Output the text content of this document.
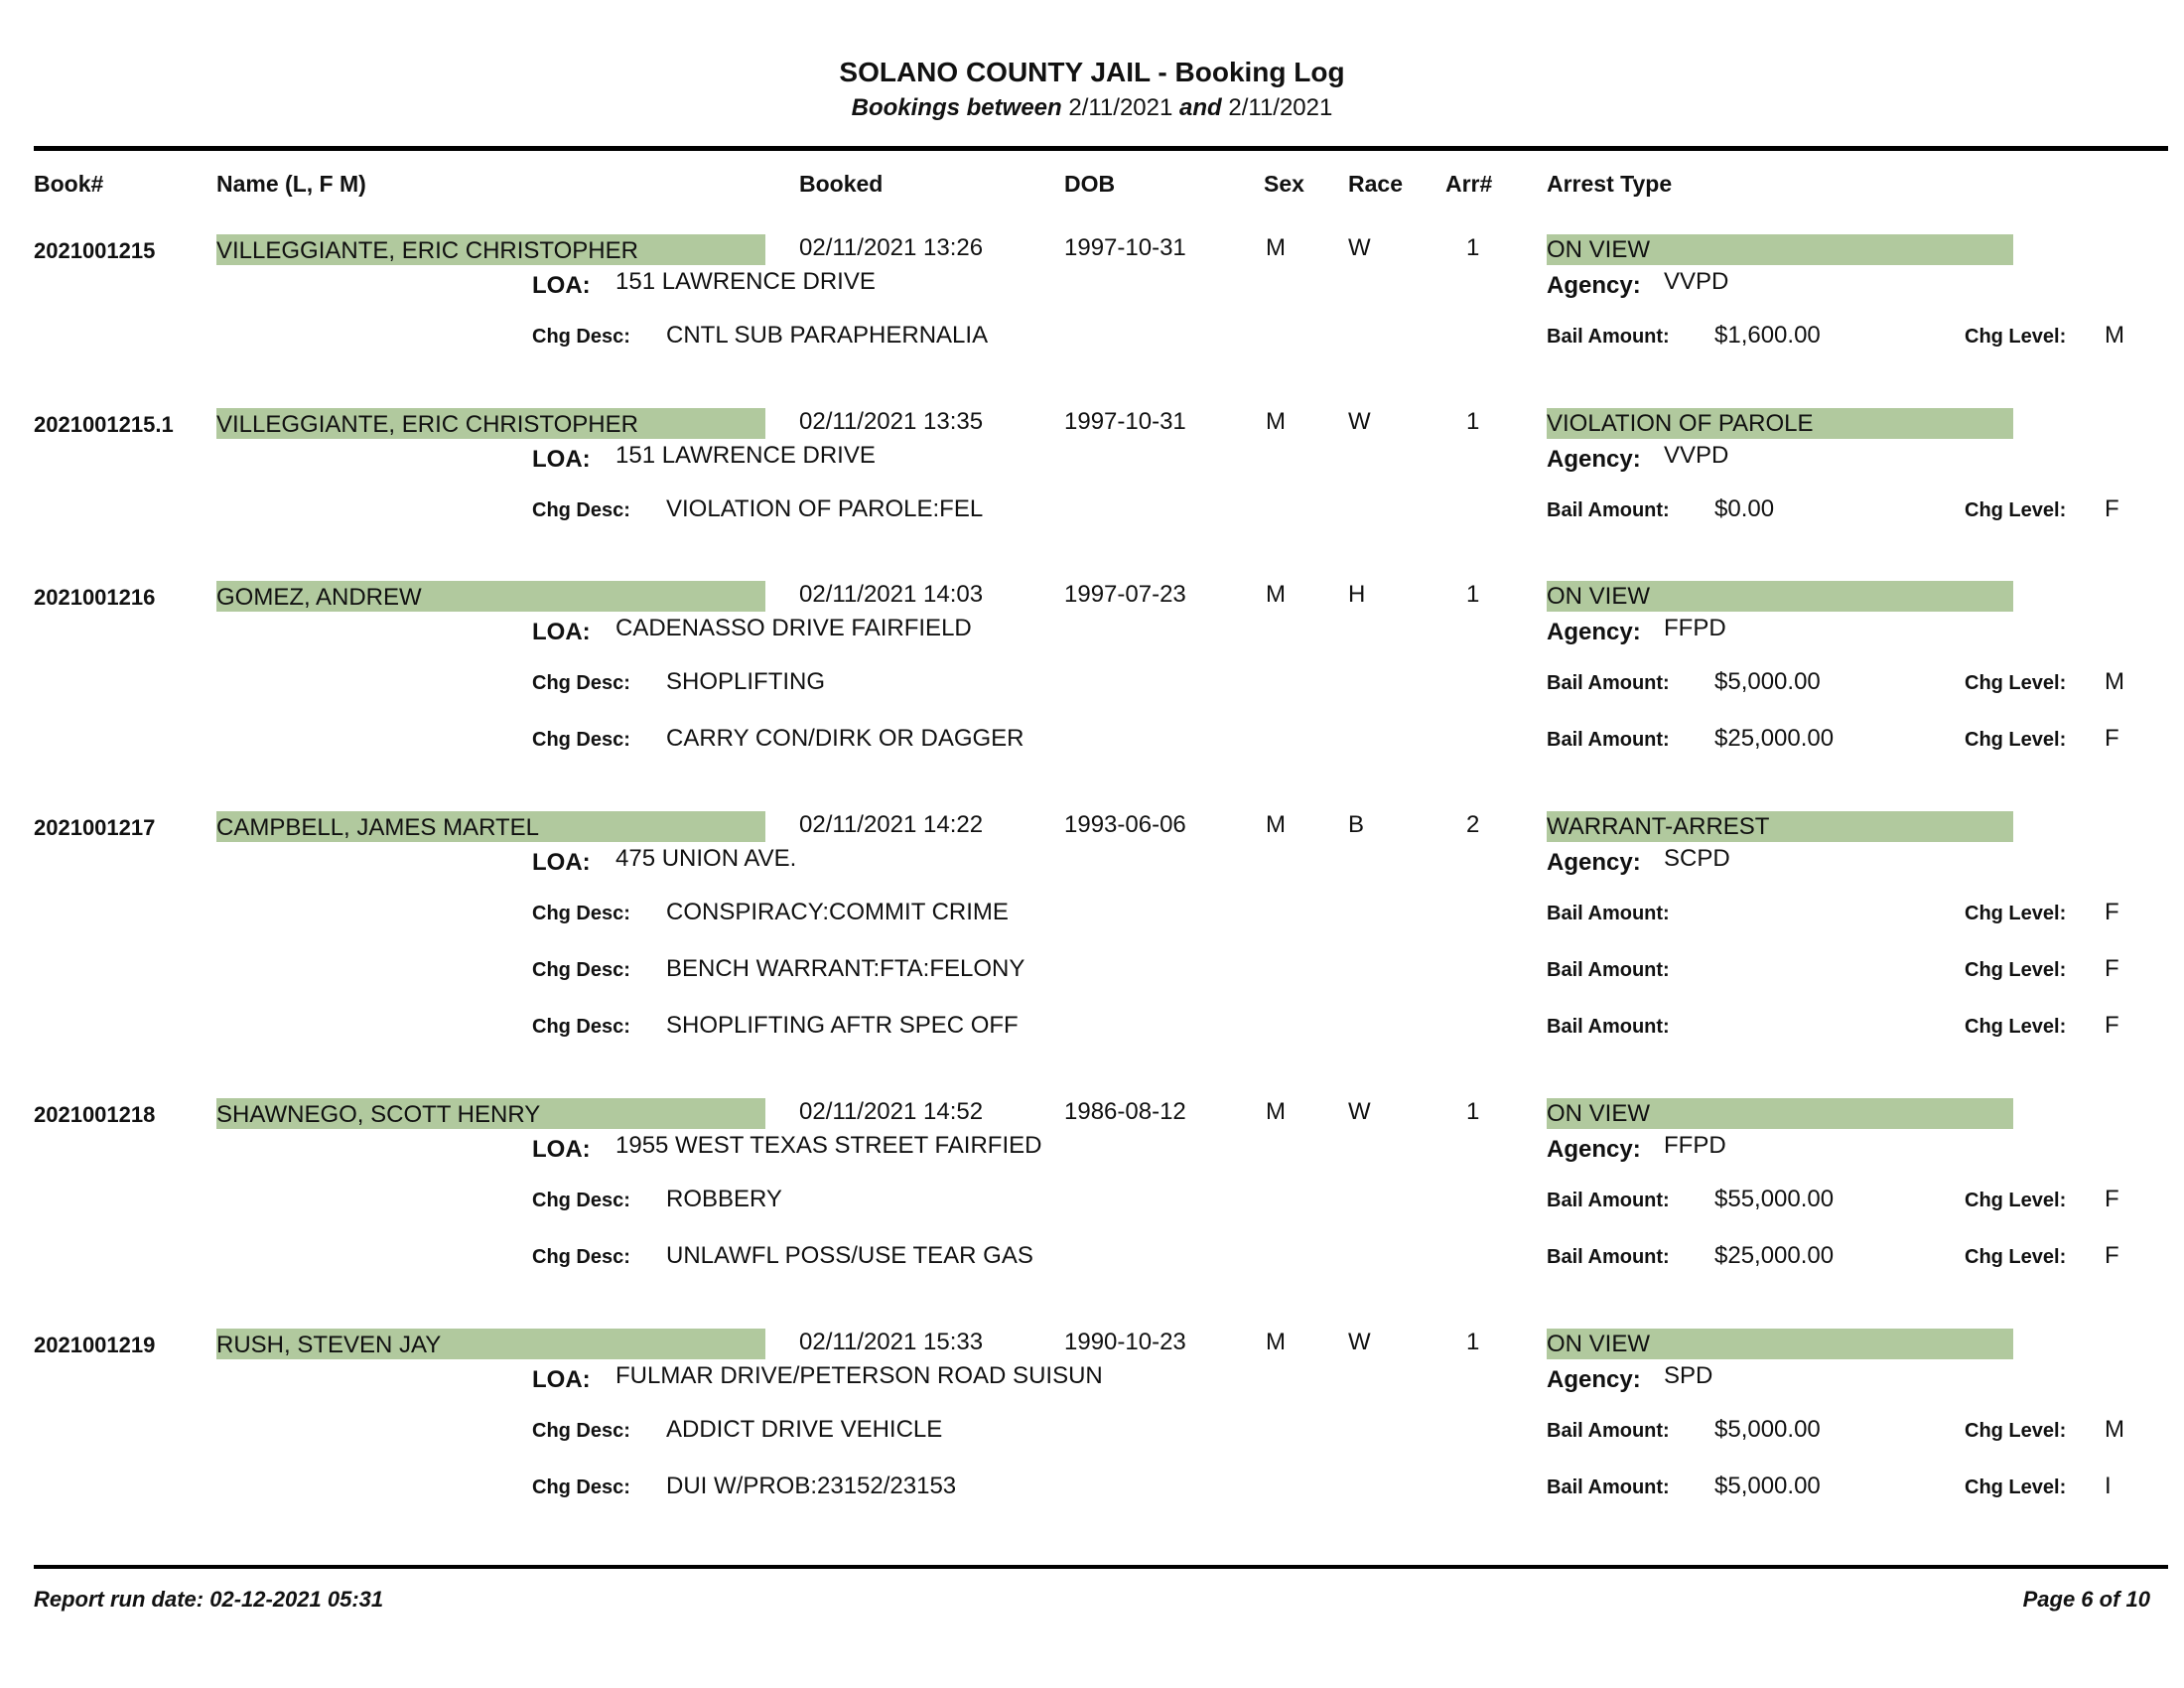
SOLANO COUNTY JAIL - Booking Log
Bookings between 2/11/2021 and 2/11/2021
Book#	Name (L, F M)	Booked	DOB	Sex Race Arr# Arrest Type
2021001215	VILLEGGIANTE, ERIC CHRISTOPHER	02/11/2021 13:26	1997-10-31	M	W	1	ON VIEW
LOA: 151 LAWRENCE DRIVE	Agency: VVPD
Chg Desc: CNTL SUB PARAPHERNALIA	Bail Amount: $1,600.00	Chg Level: M
2021001215.1 VILLEGGIANTE, ERIC CHRISTOPHER	02/11/2021 13:35	1997-10-31	M	W	1	VIOLATION OF PAROLE
LOA: 151 LAWRENCE DRIVE	Agency: VVPD
Chg Desc: VIOLATION OF PAROLE:FEL	Bail Amount: $0.00	Chg Level: F
2021001216	GOMEZ, ANDREW	02/11/2021 14:03	1997-07-23	M	H	1	ON VIEW
LOA: CADENASSO DRIVE FAIRFIELD	Agency: FFPD
Chg Desc: SHOPLIFTING	Bail Amount: $5,000.00	Chg Level: M
Chg Desc: CARRY CON/DIRK OR DAGGER	Bail Amount: $25,000.00	Chg Level: F
2021001217	CAMPBELL, JAMES MARTEL	02/11/2021 14:22	1993-06-06	M	B	2	WARRANT-ARREST
LOA: 475 UNION AVE.	Agency: SCPD
Chg Desc: CONSPIRACY:COMMIT CRIME	Bail Amount:	Chg Level: F
Chg Desc: BENCH WARRANT:FTA:FELONY	Bail Amount:	Chg Level: F
Chg Desc: SHOPLIFTING AFTR SPEC OFF	Bail Amount:	Chg Level: F
2021001218	SHAWNEGO, SCOTT HENRY	02/11/2021 14:52	1986-08-12	M	W	1	ON VIEW
LOA: 1955 WEST TEXAS STREET FAIRFIED	Agency: FFPD
Chg Desc: ROBBERY	Bail Amount: $55,000.00	Chg Level: F
Chg Desc: UNLAWFL POSS/USE TEAR GAS	Bail Amount: $25,000.00	Chg Level: F
2021001219	RUSH, STEVEN JAY	02/11/2021 15:33	1990-10-23	M	W	1	ON VIEW
LOA: FULMAR DRIVE/PETERSON ROAD SUISUN	Agency: SPD
Chg Desc: ADDICT DRIVE VEHICLE	Bail Amount: $5,000.00	Chg Level: M
Chg Desc: DUI W/PROB:23152/23153	Bail Amount: $5,000.00	Chg Level: I
Report run date: 02-12-2021 05:31	Page 6 of 10
